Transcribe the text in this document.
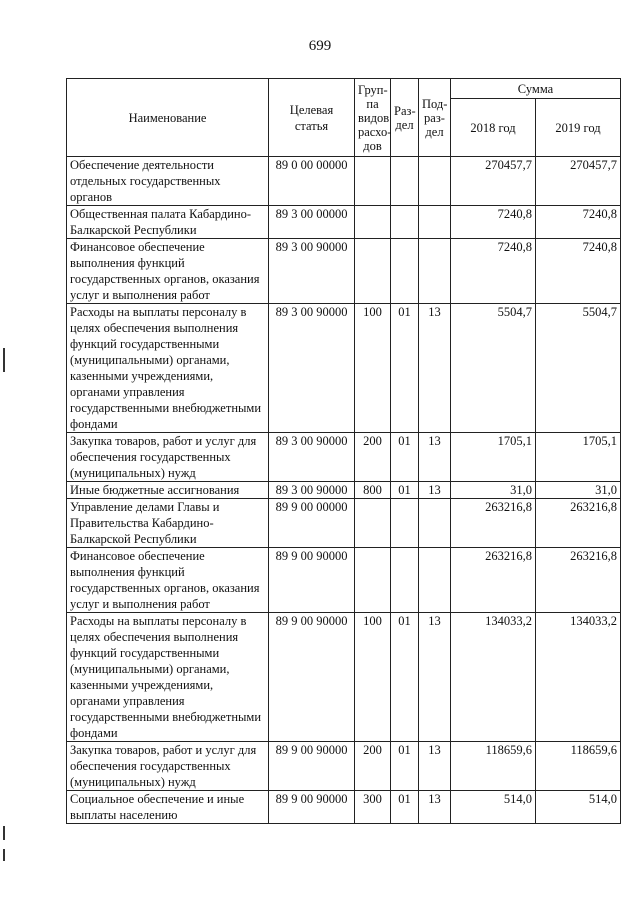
699
Наименование	Целевая статья	Груп-па видов расхо-дов	Раз-дел	Под-раз-дел	Сумма	
					2018 год	2019 год
Обеспечение деятельности отдельных государственных органов	89 0 00 00000				270457,7	270457,7
Общественная палата Кабардино-Балкарской Республики	89 3 00 00000				7240,8	7240,8
Финансовое обеспечение выполнения функций государственных органов, оказания услуг и выполнения работ	89 3 00 90000				7240,8	7240,8
Расходы на выплаты персоналу в целях обеспечения выполнения функций государственными (муниципальными) органами, казенными учреждениями, органами управления государственными внебюджетными фондами	89 3 00 90000	100	01	13	5504,7	5504,7
Закупка товаров, работ и услуг для обеспечения государственных (муниципальных) нужд	89 3 00 90000	200	01	13	1705,1	1705,1
Иные бюджетные ассигнования	89 3 00 90000	800	01	13	31,0	31,0
Управление делами Главы и Правительства Кабардино-Балкарской Республики	89 9 00 00000				263216,8	263216,8
Финансовое обеспечение выполнения функций государственных органов, оказания услуг и выполнения работ	89 9 00 90000				263216,8	263216,8
Расходы на выплаты персоналу в целях обеспечения выполнения функций государственными (муниципальными) органами, казенными учреждениями, органами управления государственными внебюджетными фондами	89 9 00 90000	100	01	13	134033,2	134033,2
Закупка товаров, работ и услуг для обеспечения государственных (муниципальных) нужд	89 9 00 90000	200	01	13	118659,6	118659,6
Социальное обеспечение и иные выплаты населению	89 9 00 90000	300	01	13	514,0	514,0
